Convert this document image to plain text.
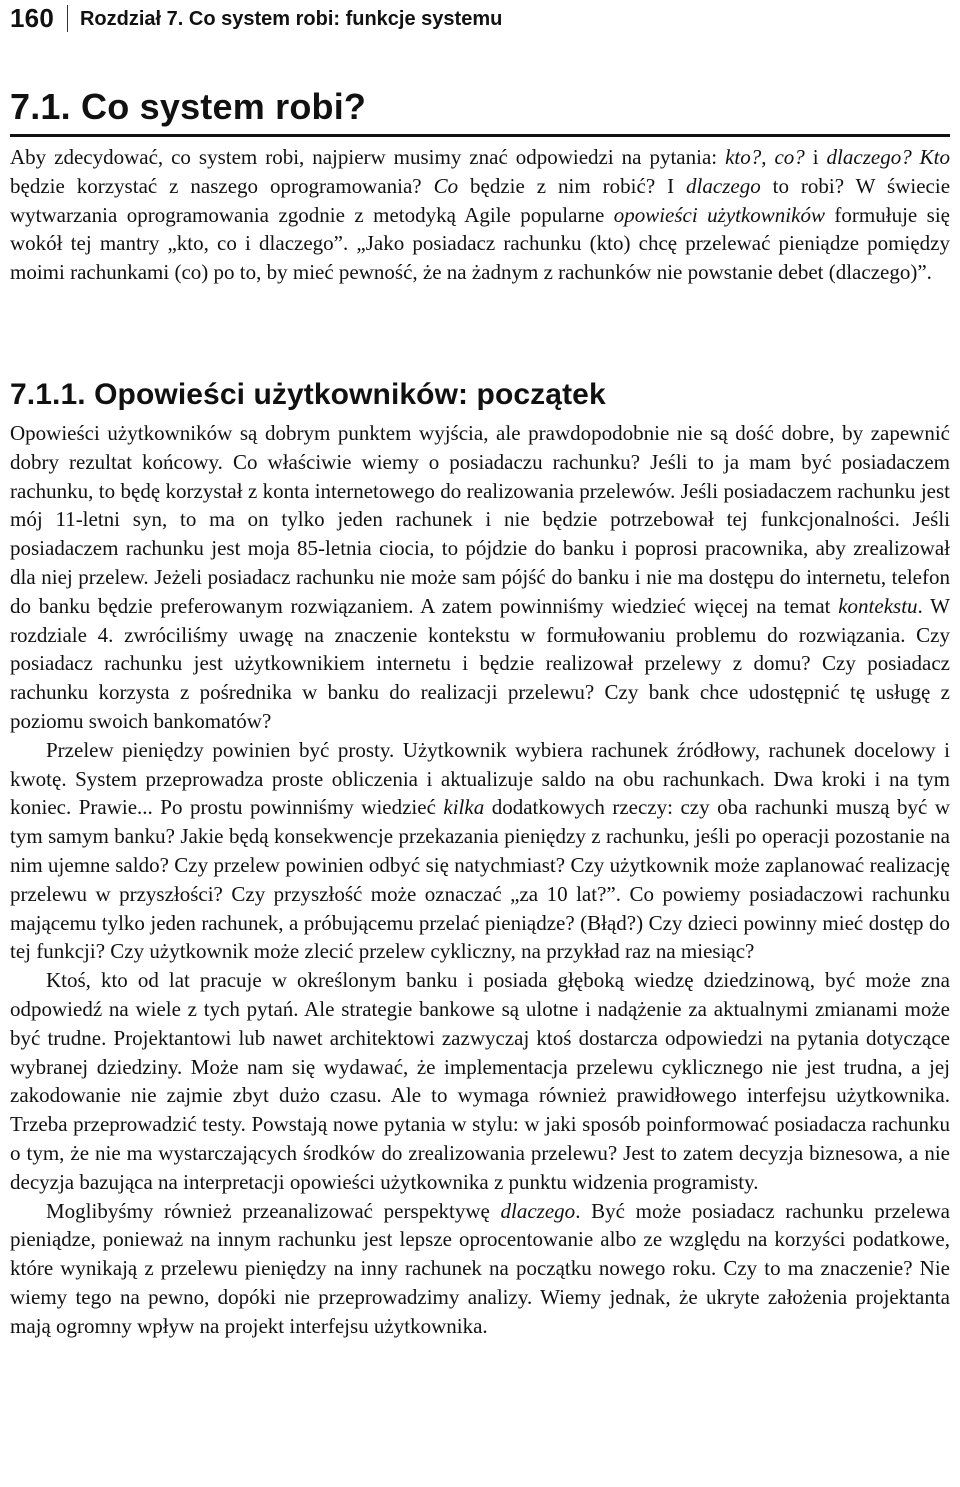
160 Rozdział 7. Co system robi: funkcje systemu
7.1. Co system robi?

Aby zdecydować, co system robi, najpierw musimy znać odpowiedzi na pytania: kto?, co? i dlaczego? Kto będzie korzystać z naszego oprogramowania? Co będzie z nim robić? I dlaczego to robi? W świecie wytwarzania oprogramowania zgodnie z metodyką Agile popularne opowieści użytkowników formułuje się wokół tej mantry „kto, co i dlaczego”. „Jako posiadacz rachunku (kto) chcę przelewać pieniądze pomiędzy moimi rachunkami (co) po to, by mieć pewność, że na żadnym z rachunków nie powstanie debet (dlaczego)”.

7.1.1. Opowieści użytkowników: początek

Opowieści użytkowników są dobrym punktem wyjścia, ale prawdopodobnie nie są dość dobre, by zapewnić dobry rezultat końcowy. Co właściwie wiemy o posiadaczu rachunku? Jeśli to ja mam być posiadaczem rachunku, to będę korzystał z konta internetowego do realizowania przelewów. Jeśli posiadaczem rachunku jest mój 11-letni syn, to ma on tylko jeden rachunek i nie będzie potrzebował tej funkcjonalności. Jeśli posiadaczem rachunku jest moja 85-letnia ciocia, to pójdzie do banku i poprosi pracownika, aby zrealizował dla niej przelew. Jeżeli posiadacz rachunku nie może sam pójść do banku i nie ma dostępu do internetu, telefon do banku będzie preferowanym rozwiązaniem. A zatem powinniśmy wiedzieć więcej na temat kontekstu. W rozdziale 4. zwróciliśmy uwagę na znaczenie kontekstu w formułowaniu problemu do rozwiązania. Czy posiadacz rachunku jest użytkownikiem internetu i będzie realizował przelewy z domu? Czy posiadacz rachunku korzysta z pośrednika w banku do realizacji przelewu? Czy bank chce udostępnić tę usługę z poziomu swoich bankomatów?

Przelew pieniędzy powinien być prosty. Użytkownik wybiera rachunek źródłowy, rachunek docelowy i kwotę. System przeprowadza proste obliczenia i aktualizuje saldo na obu rachunkach. Dwa kroki i na tym koniec. Prawie... Po prostu powinniśmy wiedzieć kilka dodatkowych rzeczy: czy oba rachunki muszą być w tym samym banku? Jakie będą konsekwencje przekazania pieniędzy z rachunku, jeśli po operacji pozostanie na nim ujemne saldo? Czy przelew powinien odbyć się natychmiast? Czy użytkownik może zaplanować realizację przelewu w przyszłości? Czy przyszłość może oznaczać „za 10 lat?”. Co powiemy posiadaczowi rachunku mającemu tylko jeden rachunek, a próbującemu przelać pieniądze? (Błąd?) Czy dzieci powinny mieć dostęp do tej funkcji? Czy użytkownik może zlecić przelew cykliczny, na przykład raz na miesiąc?

Ktoś, kto od lat pracuje w określonym banku i posiada głęboką wiedzę dziedzinową, być może zna odpowiedź na wiele z tych pytań. Ale strategie bankowe są ulotne i nadążenie za aktualnymi zmianami może być trudne. Projektantowi lub nawet architektowi zazwyczaj ktoś dostarcza odpowiedzi na pytania dotyczące wybranej dziedziny. Może nam się wydawać, że implementacja przelewu cyklicznego nie jest trudna, a jej zakodowanie nie zajmie zbyt dużo czasu. Ale to wymaga również prawidłowego interfejsu użytkownika. Trzeba przeprowadzić testy. Powstają nowe pytania w stylu: w jaki sposób poinformować posiadacza rachunku o tym, że nie ma wystarczających środków do zrealizowania przelewu? Jest to zatem decyzja biznesowa, a nie decyzja bazująca na interpretacji opowieści użytkownika z punktu widzenia programisty.

Moglibyśmy również przeanalizować perspektywę dlaczego. Być może posiadacz rachunku przelewa pieniądze, ponieważ na innym rachunku jest lepsze oprocentowanie albo ze względu na korzyści podatkowe, które wynikają z przelewu pieniędzy na inny rachunek na początku nowego roku. Czy to ma znaczenie? Nie wiemy tego na pewno, dopóki nie przeprowadzimy analizy. Wiemy jednak, że ukryte założenia projektanta mają ogromny wpływ na projekt interfejsu użytkownika.
